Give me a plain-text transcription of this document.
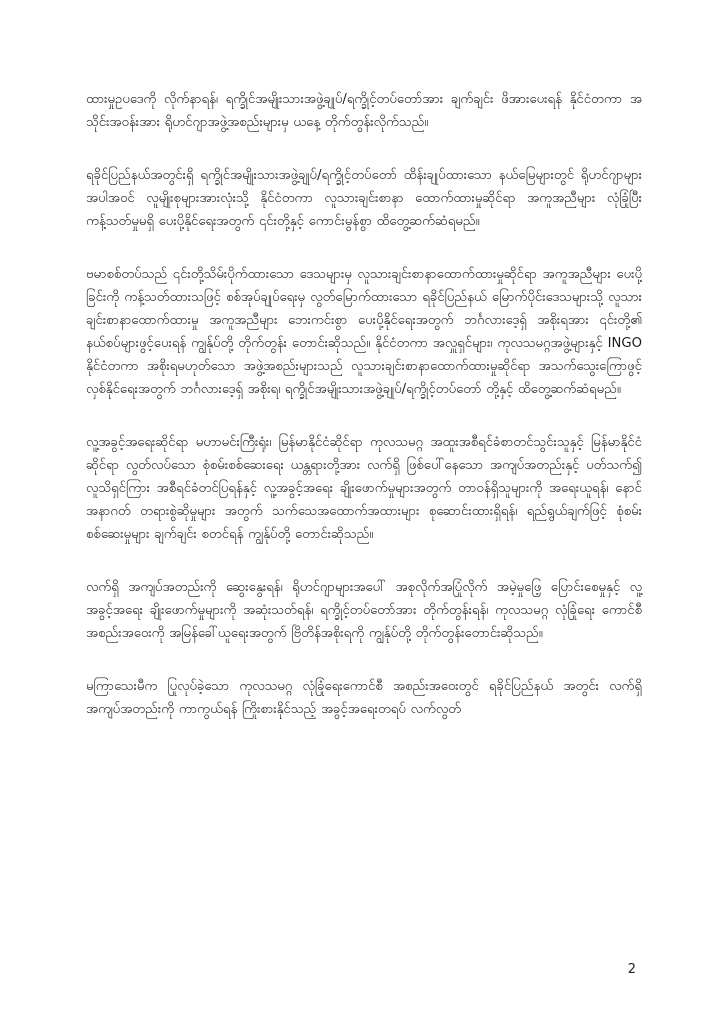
ထားမှုဥပဒေကို လိုက်နာရန်၊ ရက္ခိုင်အမျိုးသားအဖွဲ့ချုပ်/ရက္ခိုင့်တပ်တော်အား ချက်ချင်း ဖိအားပေးရန် နိုင်ငံတကာ အသိုင်းအဝန်းအား ရိုဟင်ဂျာအဖွဲ့အစည်းများမှ ယနေ့ တိုက်တွန်းလိုက်သည်။

ရခိုင်ပြည်နယ်အတွင်းရှိ ရက္ခိုင်အမျိုးသားအဖွဲ့ချုပ်/ရက္ခိုင့်တပ်တော် ထိန်းချုပ်ထားသော နယ်မြေများတွင် ရိုဟင်ဂျာများအပါအဝင် လူမျိုးစုများအားလုံးသို့ နိုင်ငံတကာ လူသားချင်းစာနာ ထောက်ထားမှုဆိုင်ရာ အကူအညီများ လုံခြုံပြီး ကန့်သတ်မှုမရှိ ပေးပို့နိုင်ရေးအတွက် ၎င်းတို့နှင့် ကောင်းမွန်စွာ ထိတွေ့ဆက်ဆံရမည်။

ဗမာစစ်တပ်သည် ၎င်းတို့သိမ်းပိုက်ထားသော ဒေသများမှ လူသားချင်းစာနာထောက်ထားမှုဆိုင်ရာ အကူအညီများ ပေးပို့ခြင်းကို ကန့်သတ်ထားသဖြင့် စစ်အုပ်ချုပ်ရေးမှ လွတ်မြောက်ထားသော ရခိုင်ပြည်နယ် မြောက်ပိုင်းဒေသများသို့ လူသားချင်းစာနာထောက်ထားမှု အကူအညီများ ဘေးကင်းစွာ ပေးပို့နိုင်ရေးအတွက် ဘင်္ဂလားဒေ့ရှ် အစိုးရအား ၎င်းတို့၏ နယ်စပ်များဖွင့်ပေးရန် ကျွန်ုပ်တို့ တိုက်တွန်း တောင်းဆိုသည်။ နိုင်ငံတကာ အလှူရှင်များ၊ ကုလသမဂ္ဂအဖွဲ့များနှင့် INGO နိုင်ငံတကာ အစိုးရမဟုတ်သော အဖွဲ့အစည်းများသည် လူသားချင်းစာနာထောက်ထားမှုဆိုင်ရာ အသက်သွေးကြောဖွင့်လှစ်နိုင်ရေးအတွက် ဘင်္ဂလားဒေ့ရှ် အစိုးရ၊ ရက္ခိုင်အမျိုးသားအဖွဲ့ချုပ်/ရက္ခိုင့်တပ်တော် တို့နှင့် ထိတွေ့ဆက်ဆံရမည်။

လူ့အခွင့်အရေးဆိုင်ရာ မဟာမင်းကြီးရုံး၊ မြန်မာနိုင်ငံဆိုင်ရာ ကုလသမဂ္ဂ အထူးအစီရင်ခံစာတင်သွင်းသူနှင့် မြန်မာနိုင်ငံဆိုင်ရာ လွတ်လပ်သော စုံစမ်းစစ်ဆေးရေး ယန္တရားတို့အား လက်ရှိ ဖြစ်ပေါ်နေသော အကျပ်အတည်းနှင့် ပတ်သက်၍ လူသိရှင်ကြား အစီရင်ခံတင်ပြရန်နှင့် လူ့အခွင့်အရေး ချိုးဖောက်မှုများအတွက် တာဝန်ရှိသူများကို အရေးယူရန်၊ နောင်အနာဂတ် တရားစွဲဆိုမှုများ အတွက် သက်သေအထောက်အထားများ စုဆောင်းထားရှိရန်၊ ရည်ရွယ်ချက်ဖြင့် စုံစမ်းစစ်ဆေးမှုများ ချက်ချင်း စတင်ရန် ကျွန်ုပ်တို့ တောင်းဆိုသည်။

လက်ရှိ အကျပ်အတည်းကို ဆွေးနွေးရန်၊ ရိုဟင်ဂျာများအပေါ် အစုလိုက်အပြုံလိုက် အမဲ့မှုဖြေ့ ပြောင်းစေမှုနှင့် လူ့အခွင့်အရေး ချိုးဖောက်မှုများကို အဆုံးသတ်ရန်၊ ရက္ခိုင့်တပ်တော်အား တိုက်တွန်းရန်၊ ကုလသမဂ္ဂ လုံခြုံရေး ကောင်စီ အစည်းအဝေးကို အမြန်ခေါ်ယူရေးအတွက် ဗြိတိန်အစိုးရကို ကျွန်ုပ်တို့ တိုက်တွန်းတောင်းဆိုသည်။

မကြာသေးမီက ပြုလုပ်ခဲ့သော ကုလသမဂ္ဂ လုံခြုံရေးကောင်စီ အစည်းအဝေးတွင် ရခိုင်ပြည်နယ် အတွင်း လက်ရှိအကျပ်အတည်းကို ကာကွယ်ရန် ကြိုးစားနိုင်သည့် အခွင့်အရေးတရပ် လက်လွတ်

2
